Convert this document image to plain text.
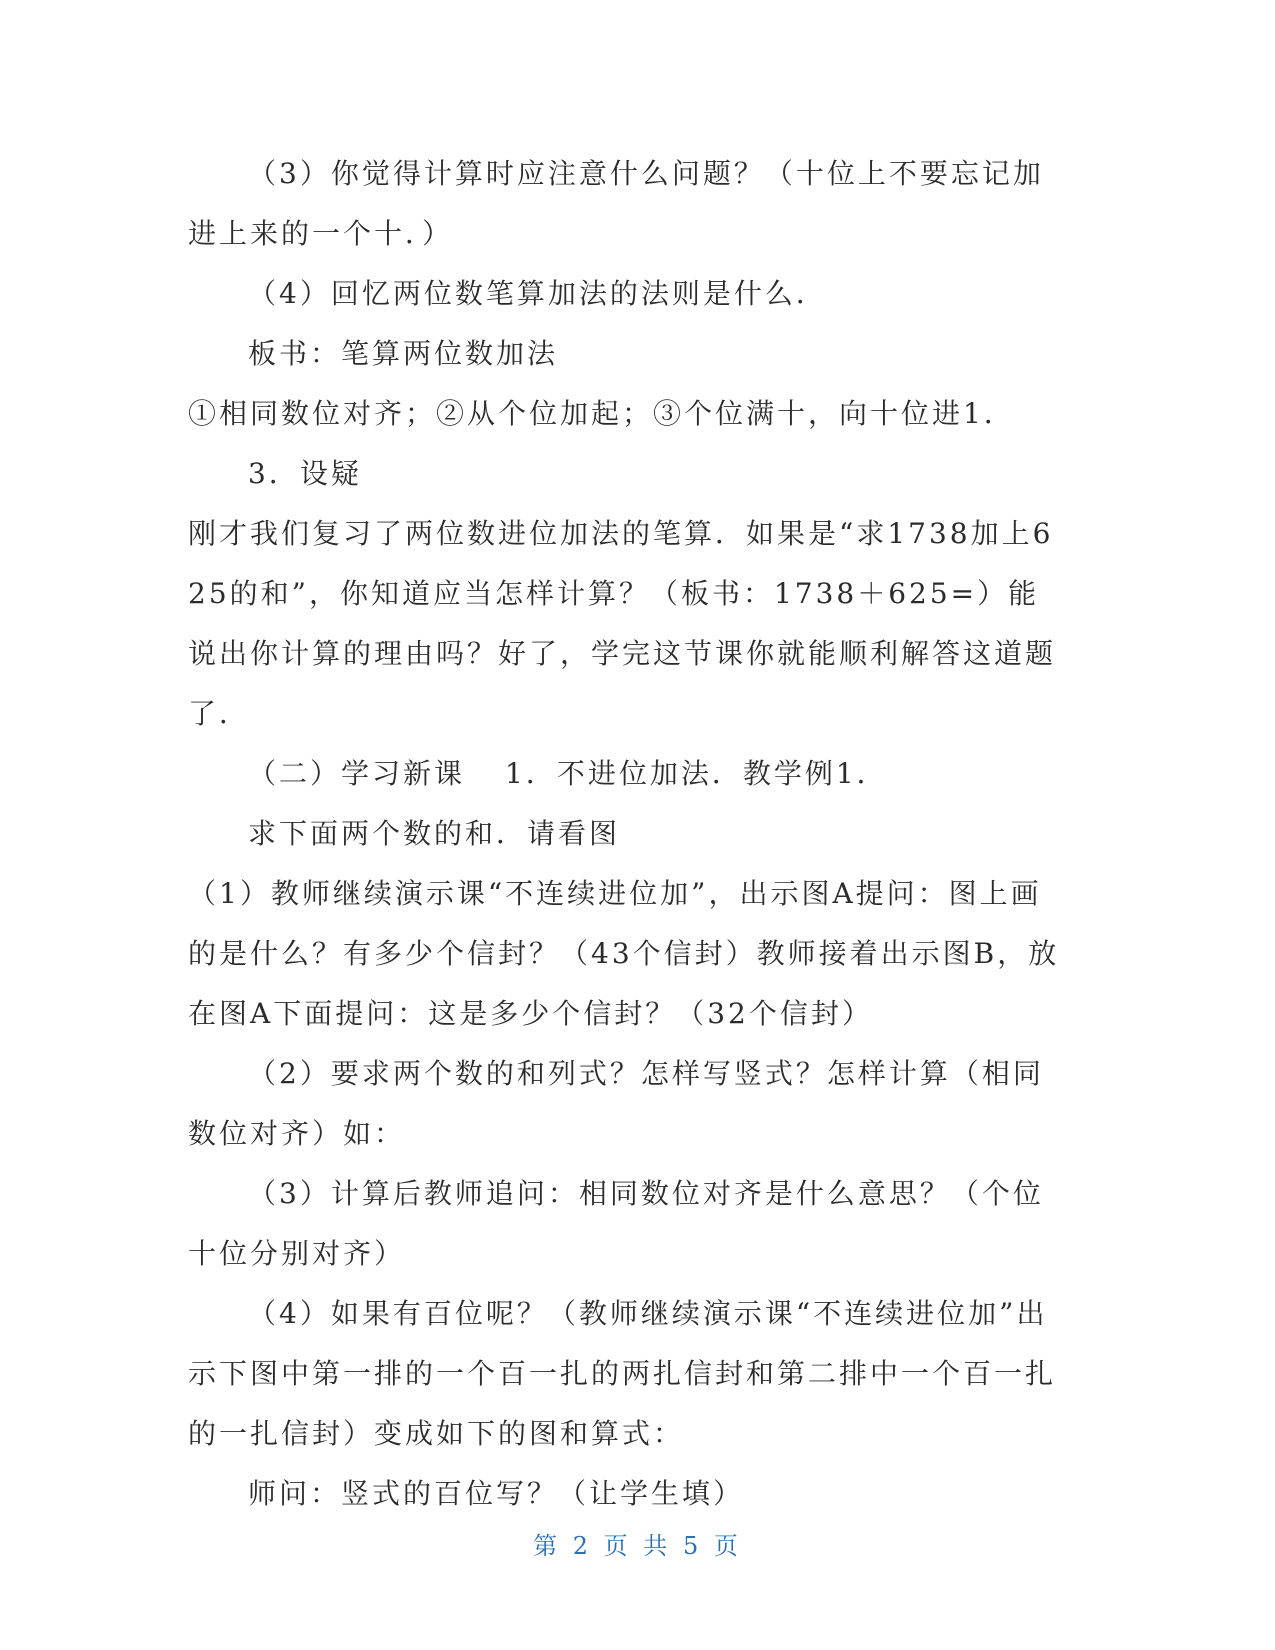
（3）你觉得计算时应注意什么问题？（十位上不要忘记加进上来的一个十．）

（4）回忆两位数笔算加法的法则是什么．

板书：笔算两位数加法

①相同数位对齐；②从个位加起；③个位满十，向十位进1．

3．设疑

刚才我们复习了两位数进位加法的笔算．如果是“求1738加上625的和”，你知道应当怎样计算？（板书：1738＋625=）能说出你计算的理由吗？好了，学完这节课你就能顺利解答这道题了．

（二）学习新课 1．不进位加法．教学例1．

求下面两个数的和．请看图

（1）教师继续演示课“不连续进位加”，出示图A提问：图上画的是什么？有多少个信封？（43个信封）教师接着出示图B，放在图A下面提问：这是多少个信封？（32个信封）

（2）要求两个数的和列式？怎样写竖式？怎样计算（相同数位对齐）如：

（3）计算后教师追问：相同数位对齐是什么意思？（个位十位分别对齐）

（4）如果有百位呢？（教师继续演示课“不连续进位加”出示下图中第一排的一个百一扎的两扎信封和第二排中一个百一扎的一扎信封）变成如下的图和算式：

师问：竖式的百位写？（让学生填）

第 2 页 共 5 页
